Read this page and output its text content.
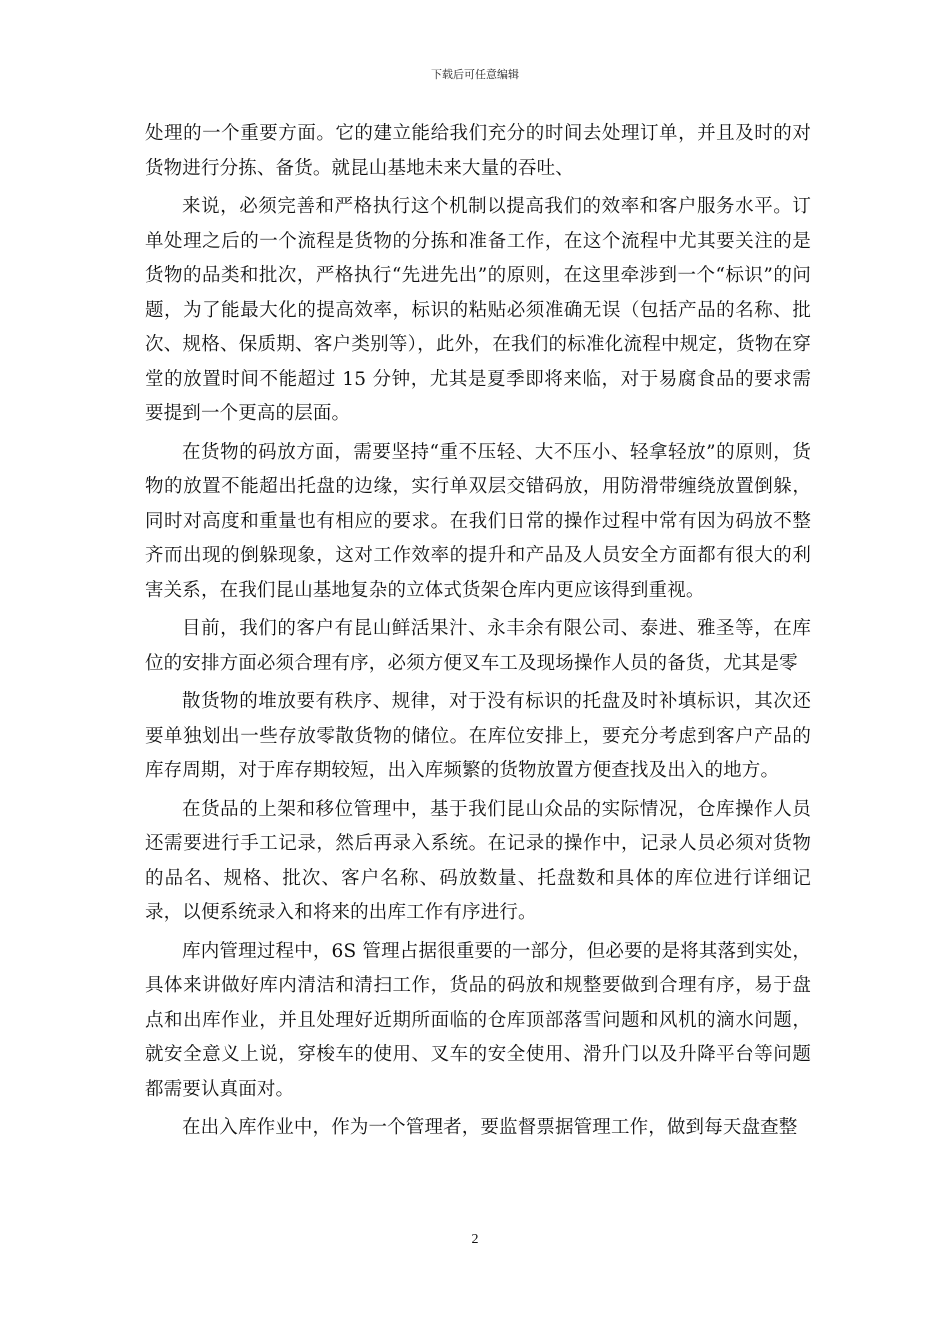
下载后可任意编辑

处理的一个重要方面。它的建立能给我们充分的时间去处理订单，并且及时的对货物进行分拣、备货。就昆山基地未来大量的吞吐、

来说，必须完善和严格执行这个机制以提高我们的效率和客户服务水平。订单处理之后的一个流程是货物的分拣和准备工作，在这个流程中尤其要关注的是货物的品类和批次，严格执行“先进先出”的原则，在这里牵涉到一个“标识”的问题，为了能最大化的提高效率，标识的粘贴必须准确无误（包括产品的名称、批次、规格、保质期、客户类别等），此外，在我们的标准化流程中规定，货物在穿堂的放置时间不能超过 15 分钟，尤其是夏季即将来临，对于易腐食品的要求需要提到一个更高的层面。

在货物的码放方面，需要坚持“重不压轻、大不压小、轻拿轻放”的原则，货物的放置不能超出托盘的边缘，实行单双层交错码放，用防滑带缠绕放置倒躲，同时对高度和重量也有相应的要求。在我们日常的操作过程中常有因为码放不整齐而出现的倒躲现象，这对工作效率的提升和产品及人员安全方面都有很大的利害关系，在我们昆山基地复杂的立体式货架仓库内更应该得到重视。

目前，我们的客户有昆山鲜活果汁、永丰余有限公司、泰进、雅圣等，在库位的安排方面必须合理有序，必须方便叉车工及现场操作人员的备货，尤其是零

散货物的堆放要有秩序、规律，对于没有标识的托盘及时补填标识，其次还要单独划出一些存放零散货物的储位。在库位安排上，要充分考虑到客户产品的库存周期，对于库存期较短，出入库频繁的货物放置方便查找及出入的地方。

在货品的上架和移位管理中，基于我们昆山众品的实际情况，仓库操作人员还需要进行手工记录，然后再录入系统。在记录的操作中，记录人员必须对货物的品名、规格、批次、客户名称、码放数量、托盘数和具体的库位进行详细记录，以便系统录入和将来的出库工作有序进行。

库内管理过程中，6S 管理占据很重要的一部分，但必要的是将其落到实处，具体来讲做好库内清洁和清扫工作，货品的码放和规整要做到合理有序，易于盘点和出库作业，并且处理好近期所面临的仓库顶部落雪问题和风机的滴水问题，就安全意义上说，穿梭车的使用、叉车的安全使用、滑升门以及升降平台等问题都需要认真面对。

在出入库作业中，作为一个管理者，要监督票据管理工作，做到每天盘查整

2
